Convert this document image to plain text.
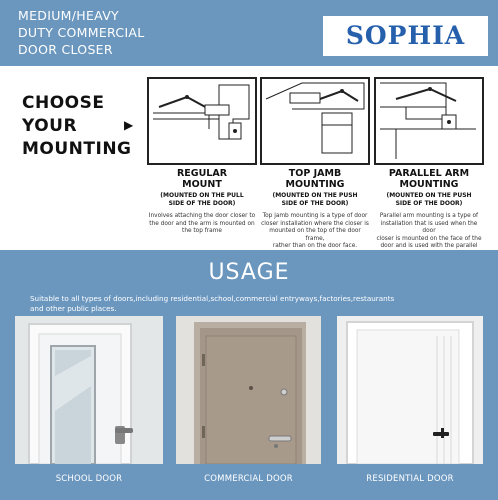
MEDIUM/HEAVY
DUTY COMMERCIAL
DOOR CLOSER	SOPHIA
CHOOSE
YOUR
MOUNTING
▶
REGULAR
MOUNT
(MOUNTED ON THE PULL
SIDE OF THE DOOR)
Involves attaching the door closer to
the door and the arm is mounted on
the top frame
TOP JAMB
MOUNTING
(MOUNTED ON THE PUSH
SIDE OF THE DOOR)
Top jamb mounting is a type of door
closer installation where the closer is
mounted on the top of the door frame,
rather than on the door face.
PARALLEL ARM
MOUNTING
(MOUNTED ON THE PUSH
SIDE OF THE DOOR)
Parallel arm mounting is a type of
installation that is used when the door
closer is mounted on the face of the
door and is used with the parallel
USAGE
Suitable to all types of doors,including residential,school,commercial entryways,factories,restaurants
and other public places.
SCHOOL DOOR	COMMERCIAL DOOR	RESIDENTIAL DOOR
